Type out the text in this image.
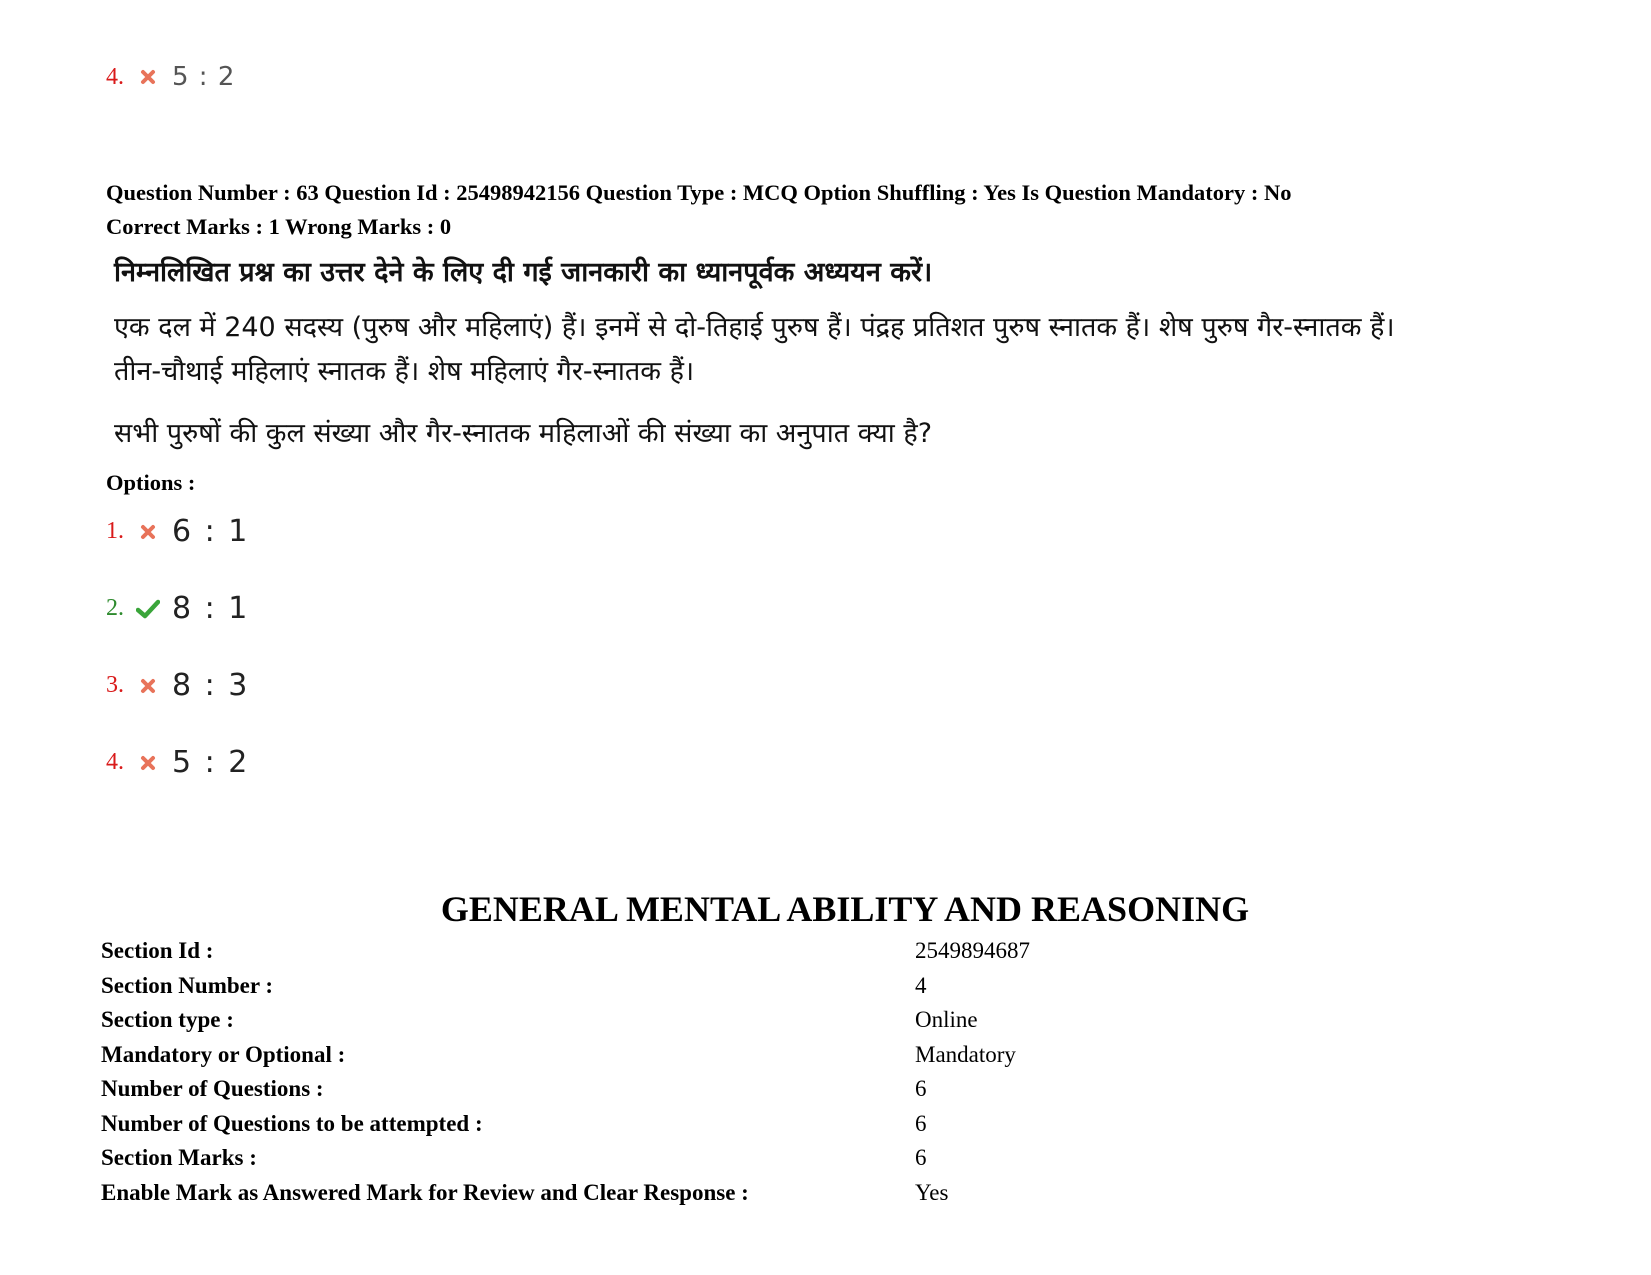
4.	5 : 2
Question Number : 63 Question Id : 25498942156 Question Type : MCQ Option Shuffling : Yes Is Question Mandatory : No
Correct Marks : 1 Wrong Marks : 0
निम्नलिखित प्रश्न का उत्तर देने के लिए दी गई जानकारी का ध्यानपूर्वक अध्ययन करें।
एक दल में 240 सदस्य (पुरुष और महिलाएं) हैं। इनमें से दो-तिहाई पुरुष हैं। पंद्रह प्रतिशत पुरुष स्नातक हैं। शेष पुरुष गैर-स्नातक हैं। तीन-चौथाई महिलाएं स्नातक हैं। शेष महिलाएं गैर-स्नातक हैं।
सभी पुरुषों की कुल संख्या और गैर-स्नातक महिलाओं की संख्या का अनुपात क्या है?
Options :
1.	6 : 1
2.	8 : 1
3.	8 : 3
4.	5 : 2
GENERAL MENTAL ABILITY AND REASONING
Section Id :	2549894687
Section Number :	4
Section type :	Online
Mandatory or Optional :	Mandatory
Number of Questions :	6
Number of Questions to be attempted :	6
Section Marks :	6
Enable Mark as Answered Mark for Review and Clear Response :	Yes
